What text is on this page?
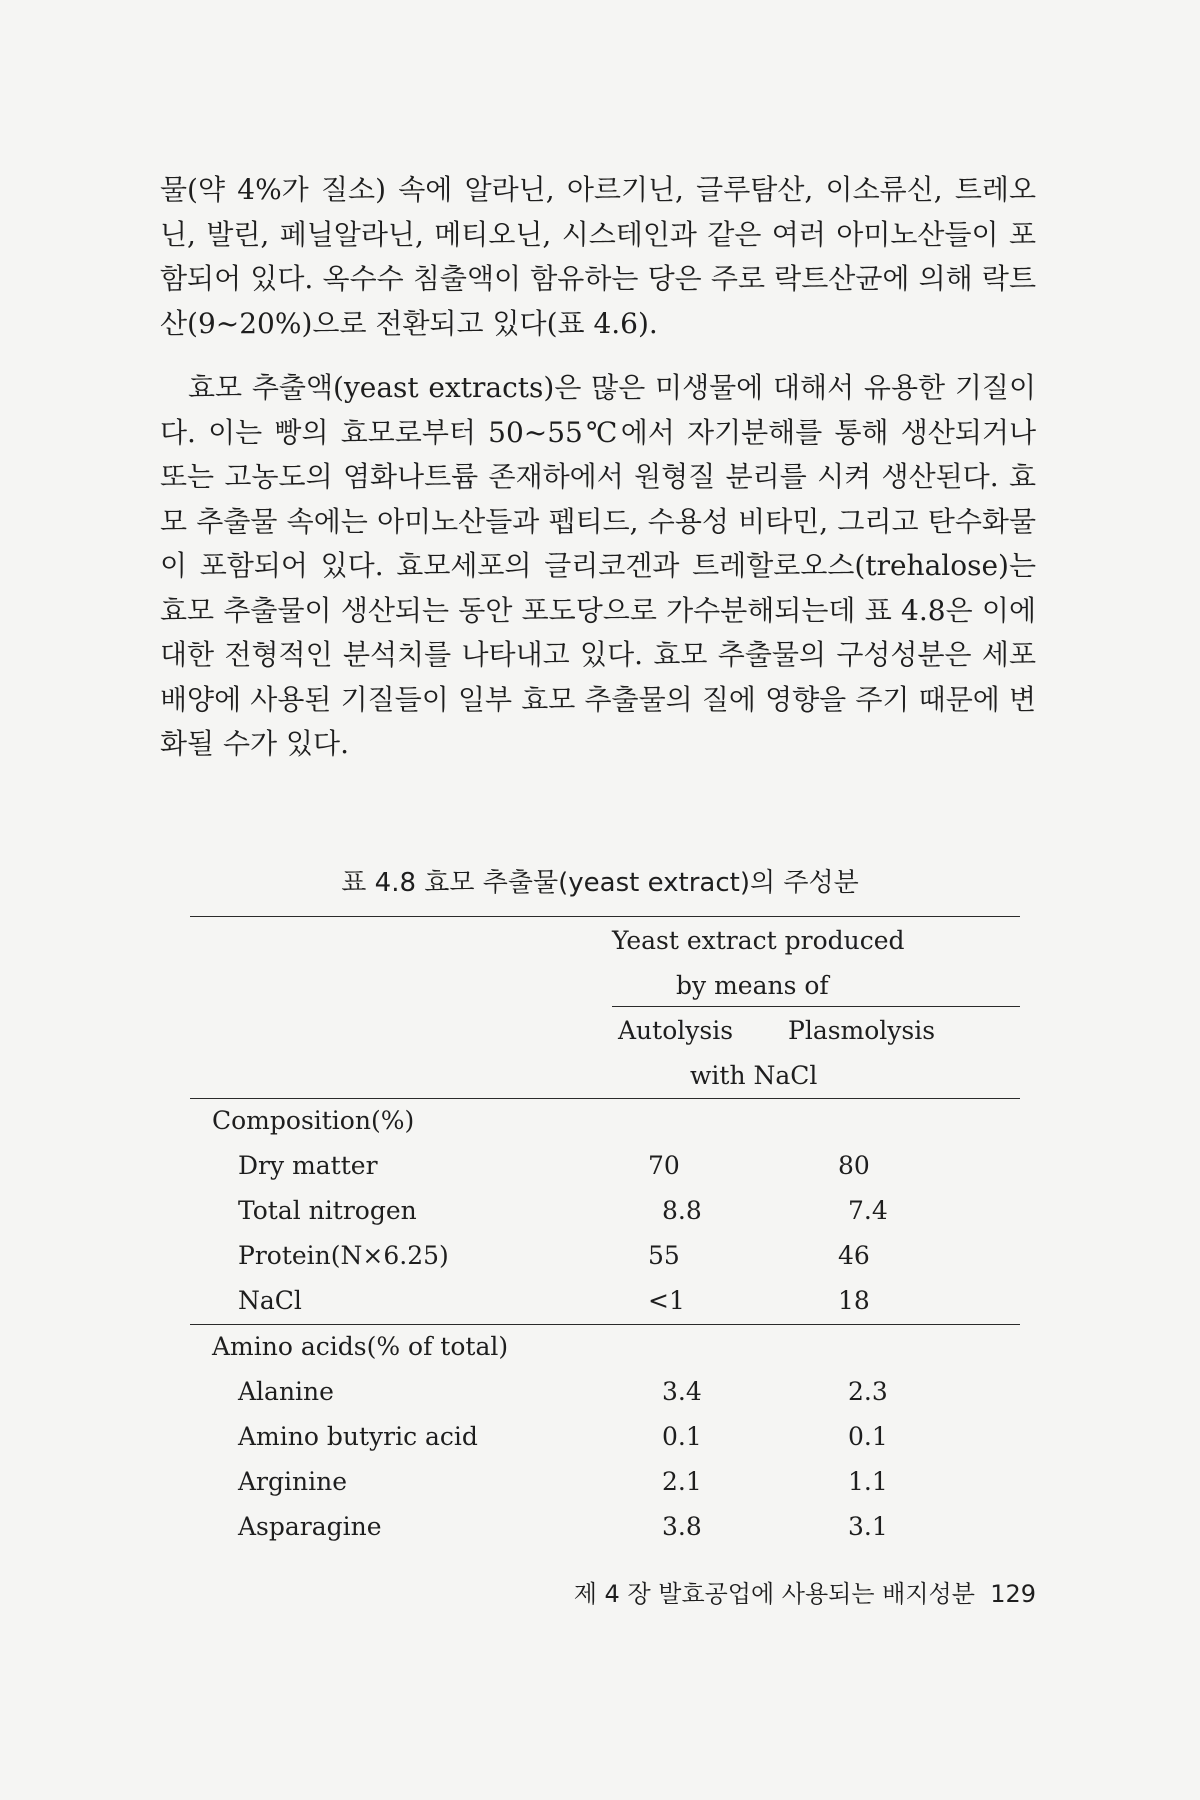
물(약 4%가 질소) 속에 알라닌, 아르기닌, 글루탐산, 이소류신, 트레오닌, 발린, 페닐알라닌, 메티오닌, 시스테인과 같은 여러 아미노산들이 포함되어 있다. 옥수수 침출액이 함유하는 당은 주로 락트산균에 의해 락트산(9~20%)으로 전환되고 있다(표 4.6).

효모 추출액(yeast extracts)은 많은 미생물에 대해서 유용한 기질이다. 이는 빵의 효모로부터 50~55℃에서 자기분해를 통해 생산되거나 또는 고농도의 염화나트륨 존재하에서 원형질 분리를 시켜 생산된다. 효모 추출물 속에는 아미노산들과 펩티드, 수용성 비타민, 그리고 탄수화물이 포함되어 있다. 효모세포의 글리코겐과 트레할로오스(trehalose)는 효모 추출물이 생산되는 동안 포도당으로 가수분해되는데 표 4.8은 이에 대한 전형적인 분석치를 나타내고 있다. 효모 추출물의 구성성분은 세포배양에 사용된 기질들이 일부 효모 추출물의 질에 영향을 주기 때문에 변화될 수가 있다.

표 4.8 효모 추출물(yeast extract)의 주성분
Yeast extract produced
by means of
Autolysis Plasmolysis
with NaCl
Composition(%)
Dry matter	70	80
Total nitrogen	8.8	7.4
Protein(N×6.25)	55	46
NaCl	<1	18
Amino acids(% of total)
Alanine	3.4	2.3
Amino butyric acid	0.1	0.1
Arginine	2.1	1.1
Asparagine	3.8	3.1
제 4 장 발효공업에 사용되는 배지성분 129
